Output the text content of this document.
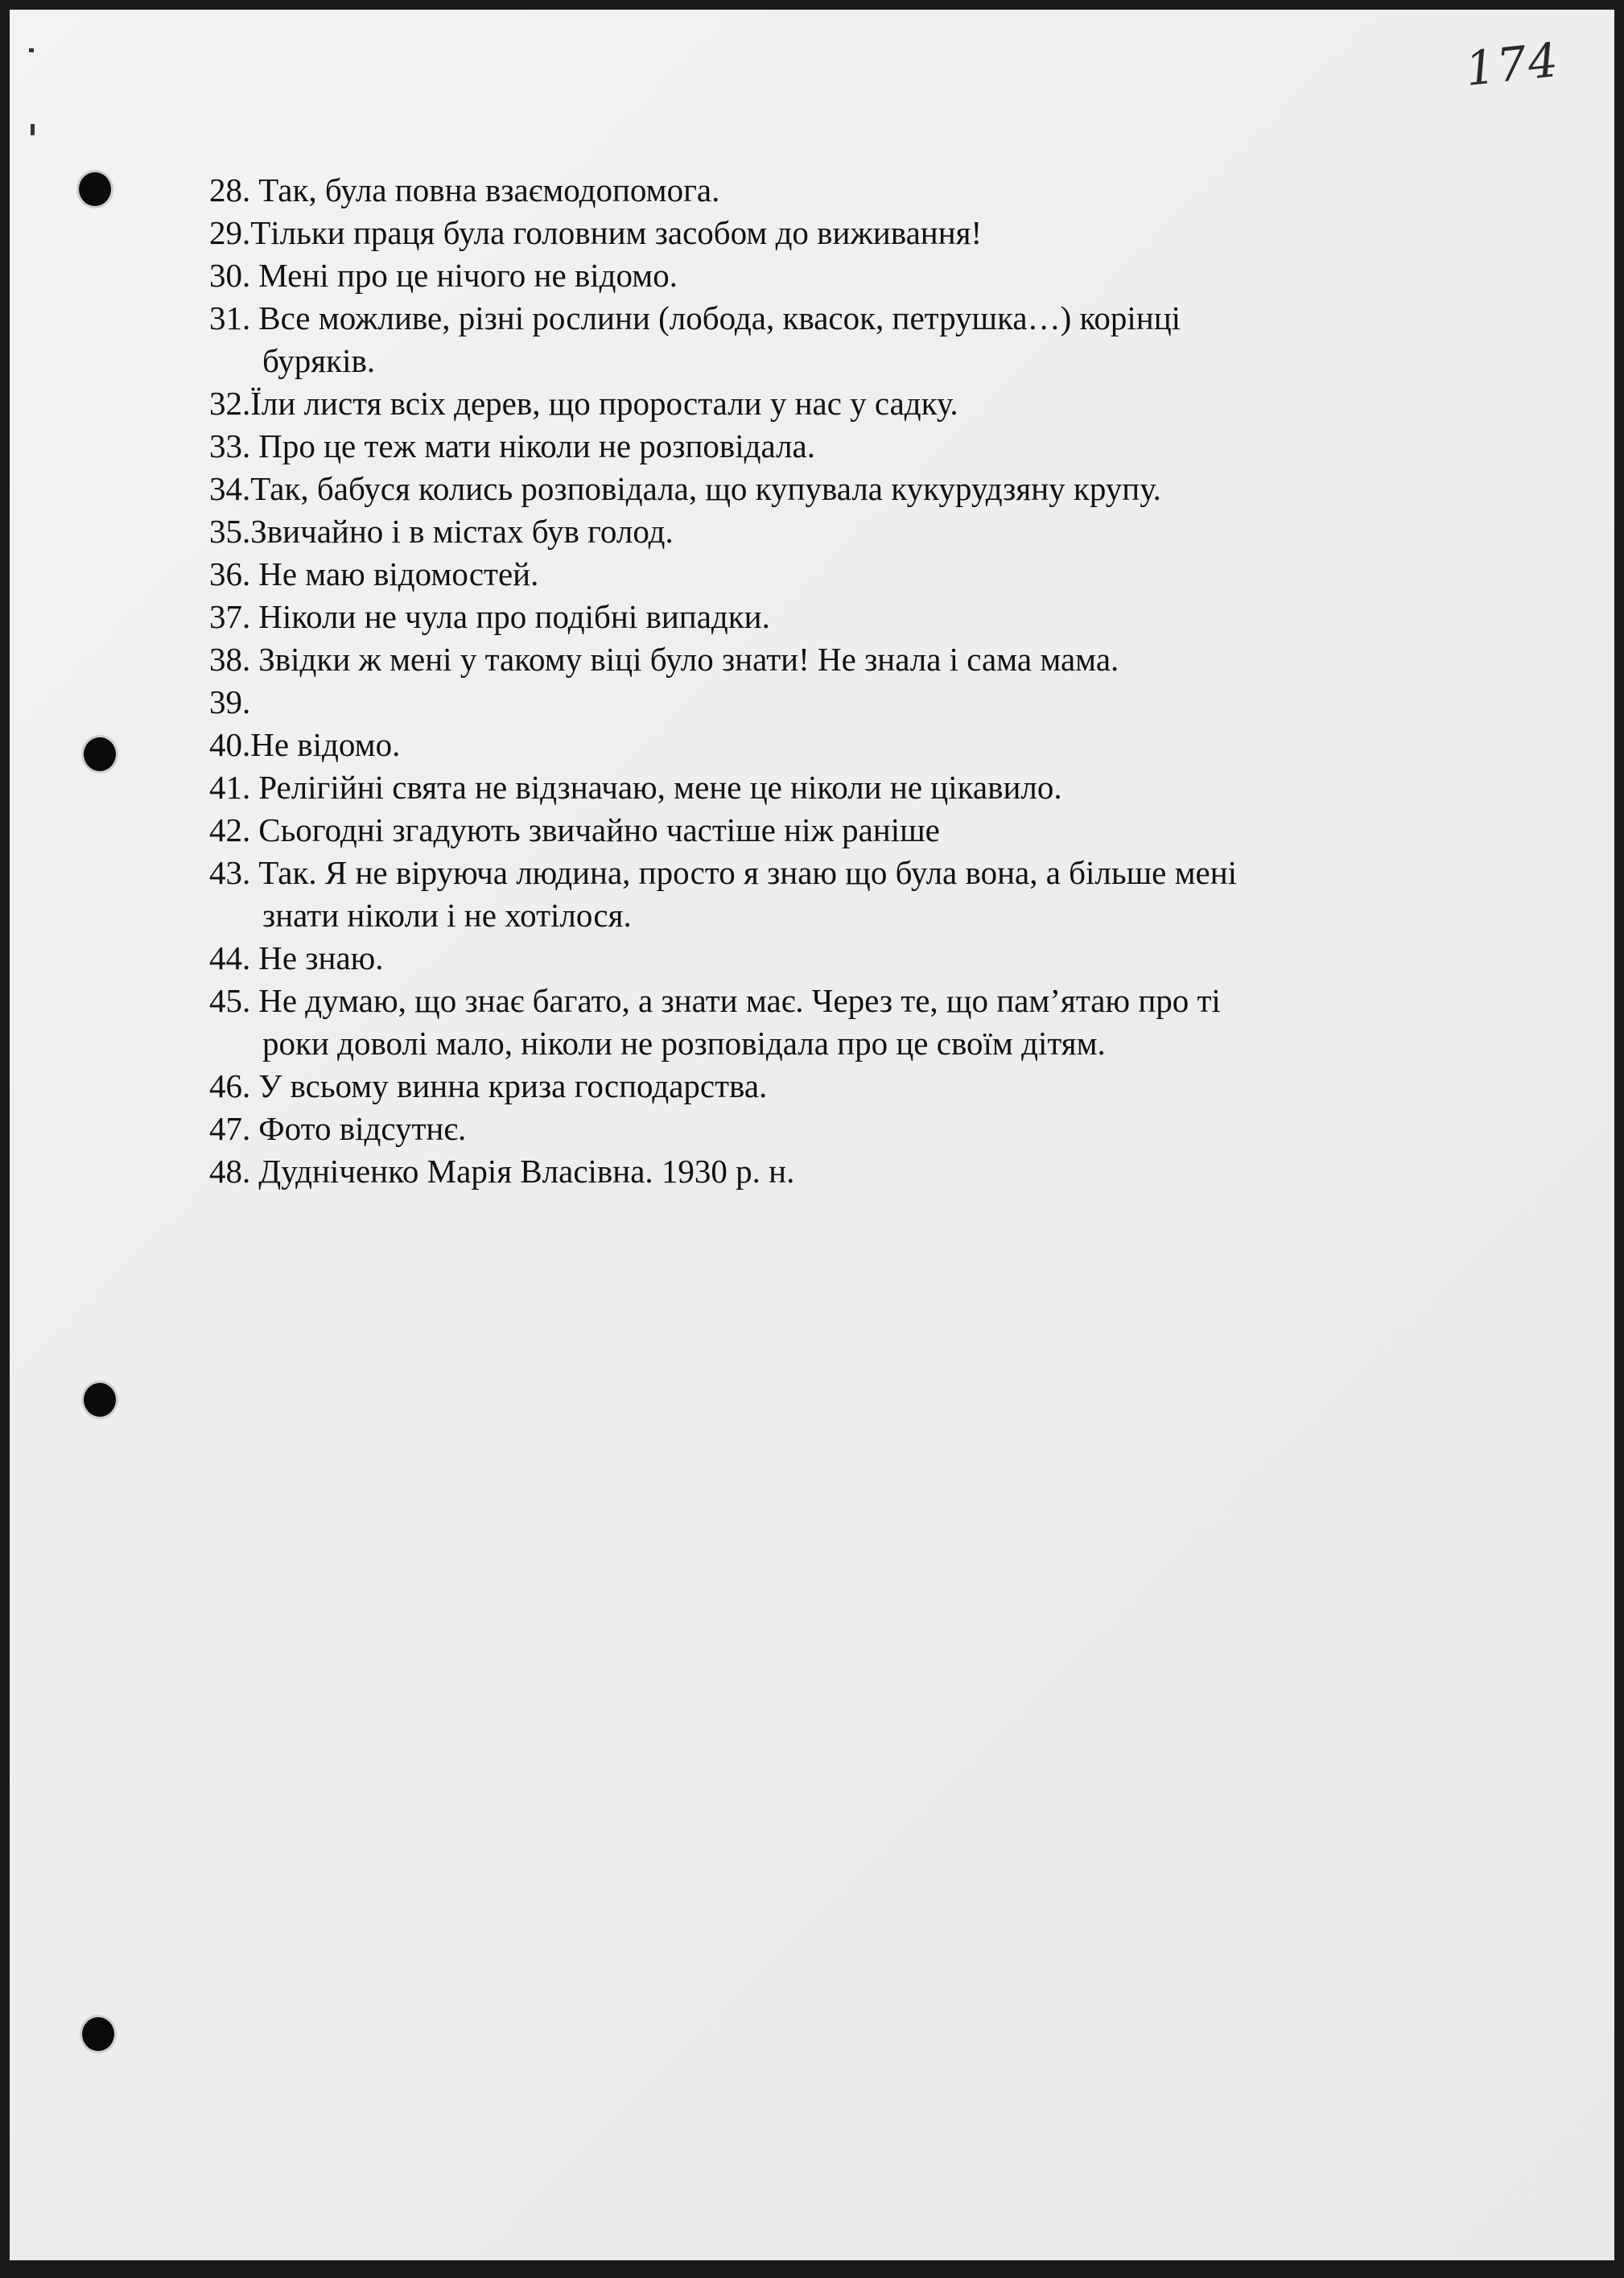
174
28. Так, була повна взаємодопомога.
29. Тільки праця була головним засобом до виживання!
30. Мені про це нічого не відомо.
31. Все можливе, різні рослини (лобода, квасок, петрушка…) корінці
буряків.
32. Їли листя всіх дерев, що проростали у нас у садку.
33. Про це теж мати ніколи не розповідала.
34. Так, бабуся колись розповідала, що купувала кукурудзяну крупу.
35. Звичайно і в містах був голод.
36. Не маю відомостей.
37. Ніколи не чула про подібні випадки.
38. Звідки ж мені у такому віці було знати! Не знала і сама мама.
39.
40. Не відомо.
41. Релігійні свята не відзначаю, мене це ніколи не цікавило.
42. Сьогодні згадують звичайно частіше ніж раніше
43. Так. Я не віруюча людина, просто я знаю що була вона, а більше мені
знати ніколи і не хотілося.
44. Не знаю.
45. Не думаю, що знає багато, а знати має. Через те, що пам’ятаю про ті
роки доволі мало, ніколи не розповідала про це своїм дітям.
46. У всьому винна криза господарства.
47. Фото відсутнє.
48. Дудніченко Марія Власівна. 1930 р. н.
